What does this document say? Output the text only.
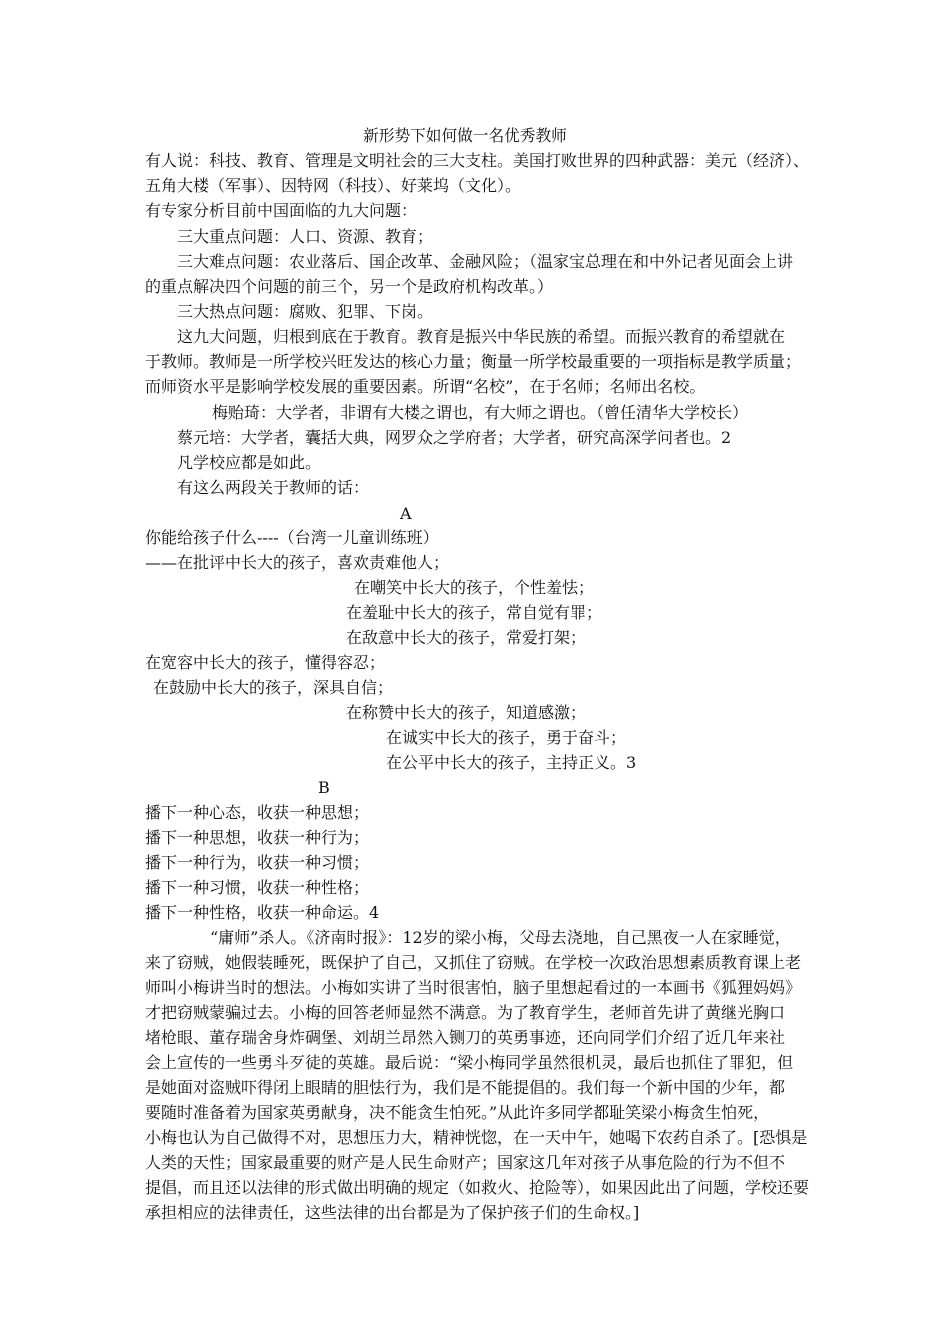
新形势下如何做一名优秀教师
有人说：科技、教育、管理是文明社会的三大支柱。美国打败世界的四种武器：美元（经济）、
五角大楼（军事）、因特网（科技）、好莱坞（文化）。
有专家分析目前中国面临的九大问题：
三大重点问题：人口、资源、教育；
三大难点问题：农业落后、国企改革、金融风险；（温家宝总理在和中外记者见面会上讲
的重点解决四个问题的前三个，另一个是政府机构改革。）
三大热点问题：腐败、犯罪、下岗。
这九大问题，归根到底在于教育。教育是振兴中华民族的希望。而振兴教育的希望就在
于教师。教师是一所学校兴旺发达的核心力量；衡量一所学校最重要的一项指标是教学质量；
而师资水平是影响学校发展的重要因素。所谓“名校”，在于名师；名师出名校。
梅贻琦：大学者，非谓有大楼之谓也，有大师之谓也。（曾任清华大学校长）
蔡元培：大学者，囊括大典，网罗众之学府者；大学者，研究高深学问者也。2
凡学校应都是如此。
有这么两段关于教师的话：
A
你能给孩子什么----（台湾一儿童训练班）
——在批评中长大的孩子，喜欢责难他人；
在嘲笑中长大的孩子，个性羞怯；
在羞耻中长大的孩子，常自觉有罪；
在敌意中长大的孩子，常爱打架；
在宽容中长大的孩子，懂得容忍；
在鼓励中长大的孩子，深具自信；
在称赞中长大的孩子，知道感激；
在诚实中长大的孩子，勇于奋斗；
在公平中长大的孩子，主持正义。3
B
播下一种心态，收获一种思想；
播下一种思想，收获一种行为；
播下一种行为，收获一种习惯；
播下一种习惯，收获一种性格；
播下一种性格，收获一种命运。4
“庸师”杀人。《济南时报》：12岁的梁小梅，父母去浇地，自己黑夜一人在家睡觉，
来了窃贼，她假装睡死，既保护了自己，又抓住了窃贼。在学校一次政治思想素质教育课上老
师叫小梅讲当时的想法。小梅如实讲了当时很害怕，脑子里想起看过的一本画书《狐狸妈妈》
才把窃贼蒙骗过去。小梅的回答老师显然不满意。为了教育学生，老师首先讲了黄继光胸口
堵枪眼、董存瑞舍身炸碉堡、刘胡兰昂然入铡刀的英勇事迹，还向同学们介绍了近几年来社
会上宣传的一些勇斗歹徒的英雄。最后说：“梁小梅同学虽然很机灵，最后也抓住了罪犯，但
是她面对盗贼吓得闭上眼睛的胆怯行为，我们是不能提倡的。我们每一个新中国的少年，都
要随时准备着为国家英勇献身，决不能贪生怕死。”从此许多同学都耻笑梁小梅贪生怕死，
小梅也认为自己做得不对，思想压力大，精神恍惚，在一天中午，她喝下农药自杀了。[恐惧是
人类的天性；国家最重要的财产是人民生命财产；国家这几年对孩子从事危险的行为不但不
提倡，而且还以法律的形式做出明确的规定（如救火、抢险等），如果因此出了问题，学校还要
承担相应的法律责任，这些法律的出台都是为了保护孩子们的生命权。]
